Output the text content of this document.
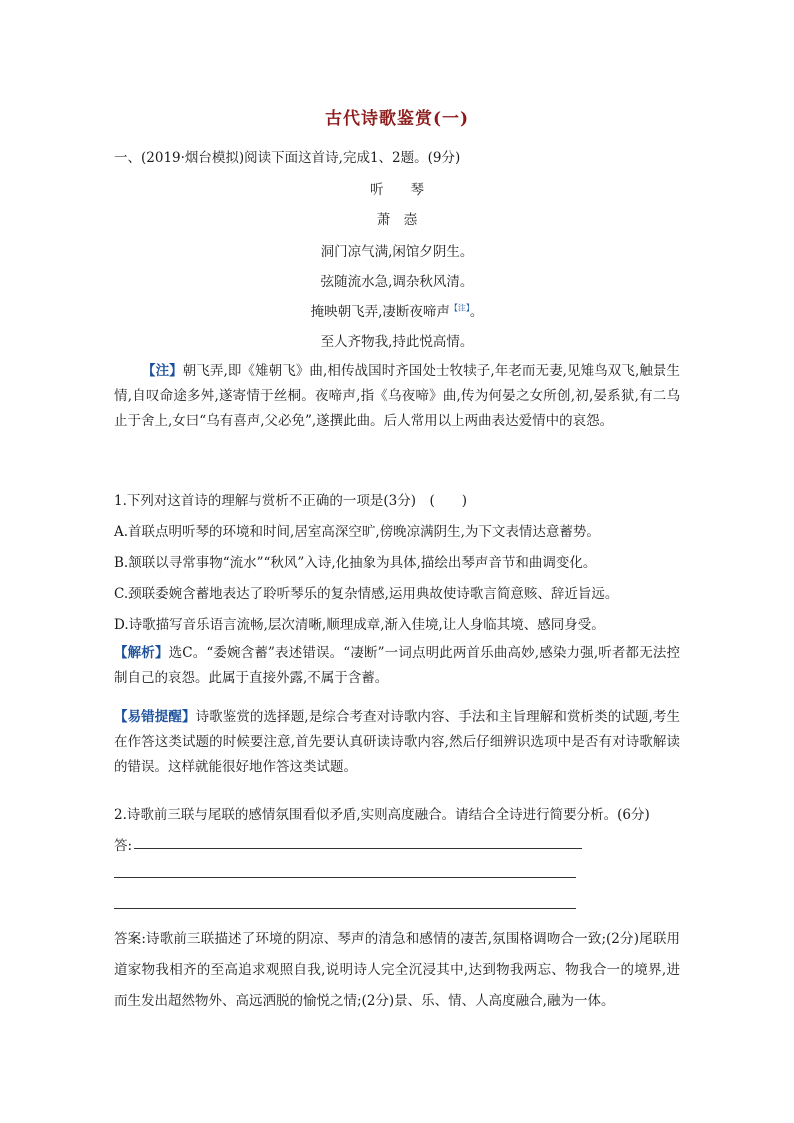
古代诗歌鉴赏(一)
一、(2019·烟台模拟)阅读下面这首诗,完成1、2题。(9分)
听　　琴
萧　悫
洞门凉气满,闲馆夕阴生。
弦随流水急,调杂秋风清。
掩映朝飞弄,凄断夜啼声$^{【注】}$。
至人齐物我,持此悦高情。
【注】朝飞弄,即《雉朝飞》曲,相传战国时齐国处士牧犊子,年老而无妻,见雉鸟双飞,触景生情,自叹命途多舛,遂寄情于丝桐。夜啼声,指《乌夜啼》曲,传为何晏之女所创,初,晏系狱,有二乌止于舍上,女曰“乌有喜声,父必免”,遂撰此曲。后人常用以上两曲表达爱情中的哀怨。
1.下列对这首诗的理解与赏析不正确的一项是(3分)　(　　)
A.首联点明听琴的环境和时间,居室高深空旷,傍晚凉满阴生,为下文表情达意蓄势。
B.颔联以寻常事物“流水”“秋风”入诗,化抽象为具体,描绘出琴声音节和曲调变化。
C.颈联委婉含蓄地表达了聆听琴乐的复杂情感,运用典故使诗歌言简意赅、辞近旨远。
D.诗歌描写音乐语言流畅,层次清晰,顺理成章,渐入佳境,让人身临其境、感同身受。
【解析】选C。“委婉含蓄”表述错误。“凄断”一词点明此两首乐曲高妙,感染力强,听者都无法控制自己的哀怨。此属于直接外露,不属于含蓄。
【易错提醒】诗歌鉴赏的选择题,是综合考查对诗歌内容、手法和主旨理解和赏析类的试题,考生在作答这类试题的时候要注意,首先要认真研读诗歌内容,然后仔细辨识选项中是否有对诗歌解读的错误。这样就能很好地作答这类试题。
2.诗歌前三联与尾联的感情氛围看似矛盾,实则高度融合。请结合全诗进行简要分析。(6分)
答:
答案:诗歌前三联描述了环境的阴凉、琴声的清急和感情的凄苦,氛围格调吻合一致;(2分)尾联用道家物我相齐的至高追求观照自我,说明诗人完全沉浸其中,达到物我两忘、物我合一的境界,进而生发出超然物外、高远洒脱的愉悦之情;(2分)景、乐、情、人高度融合,融为一体。
